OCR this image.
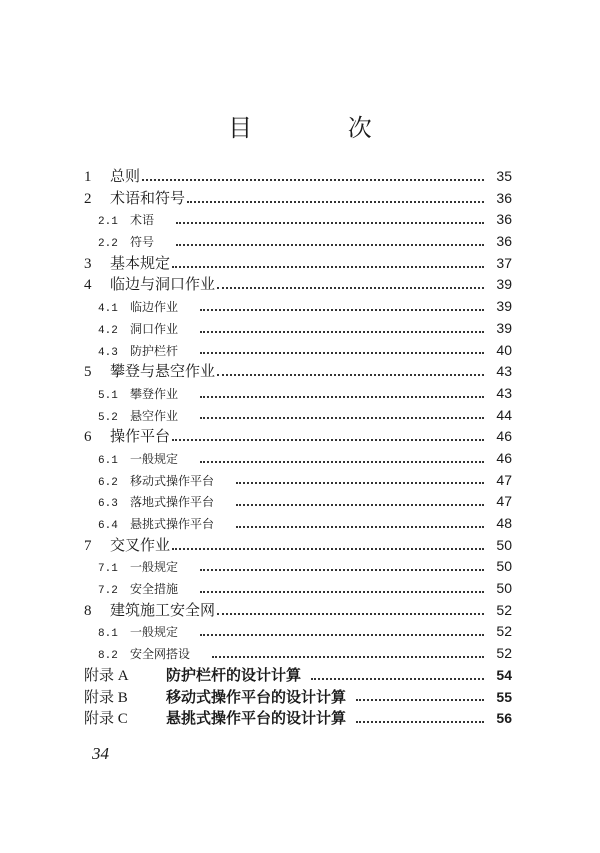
目 次
1	总则	35
2	术语和符号	36
2.1	术语	36
2.2	符号	36
3	基本规定	37
4	临边与洞口作业	39
4.1	临边作业	39
4.2	洞口作业	39
4.3	防护栏杆	40
5	攀登与悬空作业	43
5.1	攀登作业	43
5.2	悬空作业	44
6	操作平台	46
6.1	一般规定	46
6.2	移动式操作平台	47
6.3	落地式操作平台	47
6.4	悬挑式操作平台	48
7	交叉作业	50
7.1	一般规定	50
7.2	安全措施	50
8	建筑施工安全网	52
8.1	一般规定	52
8.2	安全网搭设	52
附录 A	防护栏杆的设计计算	54
附录 B	移动式操作平台的设计计算	55
附录 C	悬挑式操作平台的设计计算	56
34
